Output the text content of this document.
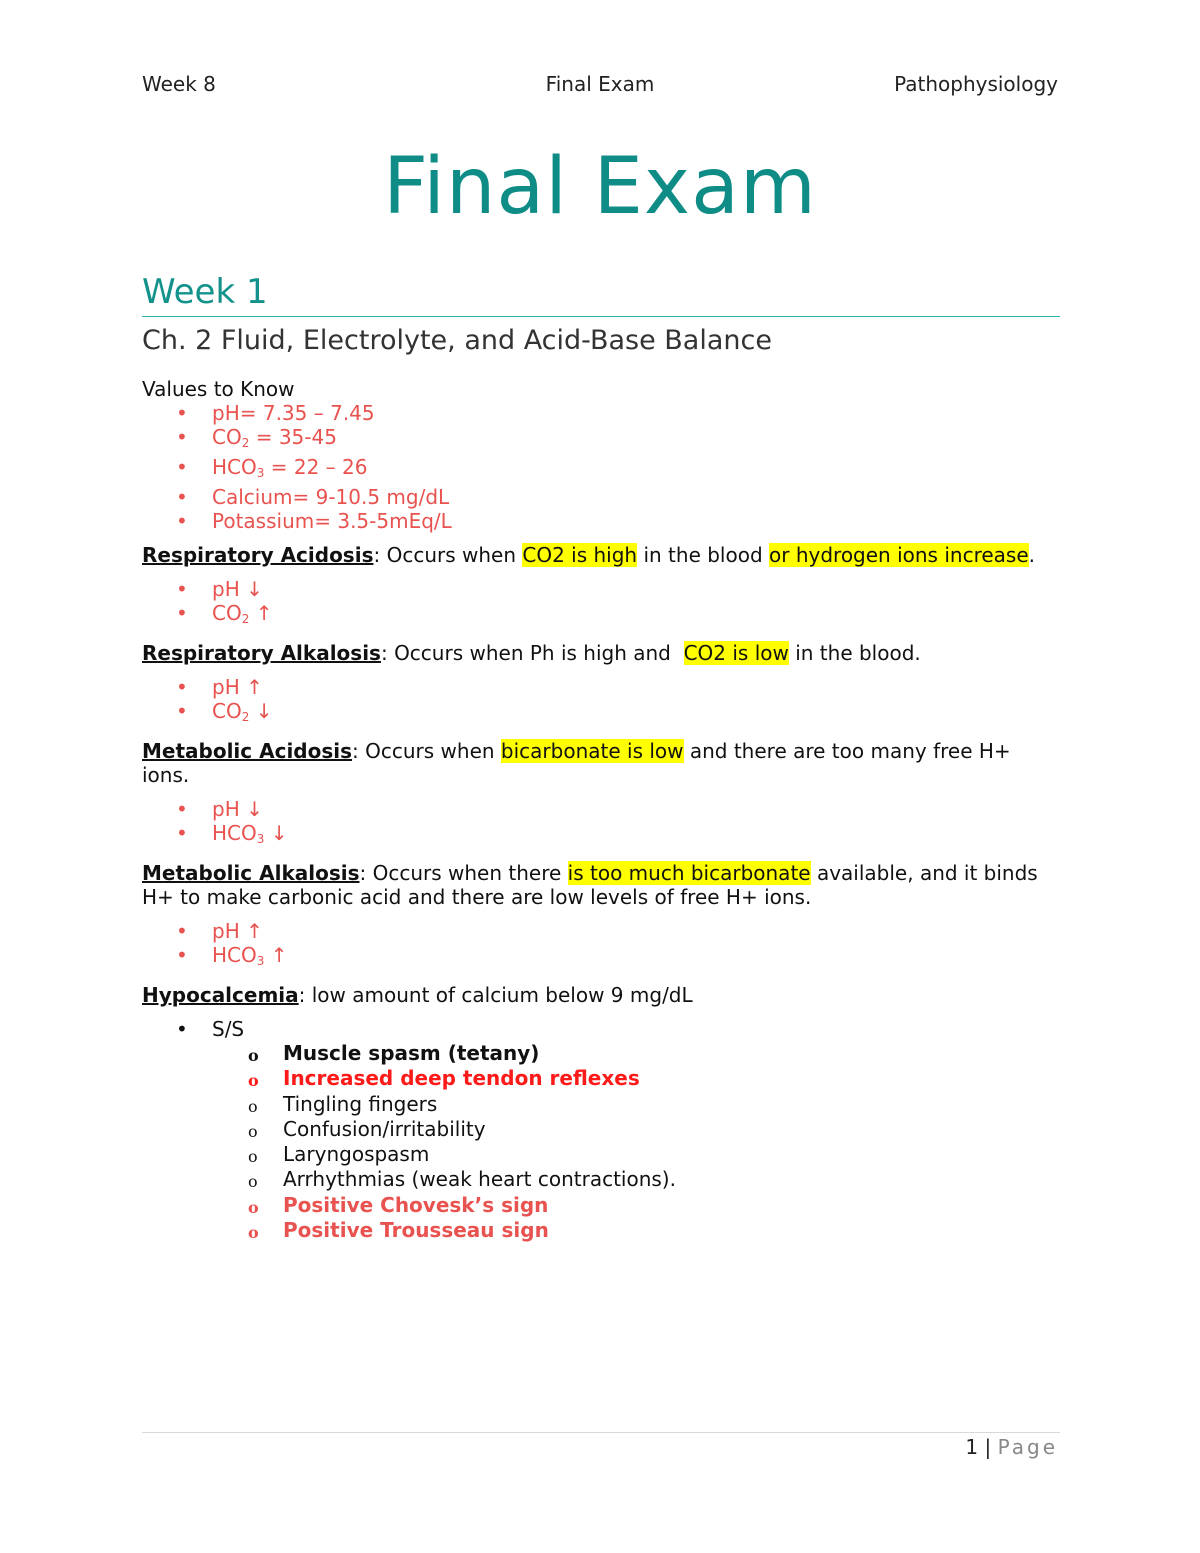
Week 8	Final Exam	Pathophysiology
Final Exam
Week 1
Ch. 2 Fluid, Electrolyte, and Acid-Base Balance

Values to Know

• pH= 7.35 – 7.45
• $CO_2 = 35-45$
• $HCO_3 = 22 - 26$
• Calcium= 9-10.5 mg/dL
• Potassium= 3.5-5mEq/L

Respiratory Acidosis: Occurs when CO2 is high in the blood or hydrogen ions increase.

• pH ↓
• $CO_2$ ↑

Respiratory Alkalosis: Occurs when Ph is high and  CO2 is low in the blood.

• pH ↑
• $CO_2$ ↓

Metabolic Acidosis: Occurs when bicarbonate is low and there are too many free H+ ions.

• pH ↓
• $HCO_3$ ↓

Metabolic Alkalosis: Occurs when there is too much bicarbonate available, and it binds H+ to make carbonic acid and there are low levels of free H+ ions.

• pH ↑
• $HCO_3$ ↑

Hypocalcemia: low amount of calcium below 9 mg/dL

• S/S
o Muscle spasm (tetany)
o Increased deep tendon reflexes
o Tingling fingers
o Confusion/irritability
o Laryngospasm
o Arrhythmias (weak heart contractions).
o Positive Chovesk’s sign
o Positive Trousseau sign
1 | Page
